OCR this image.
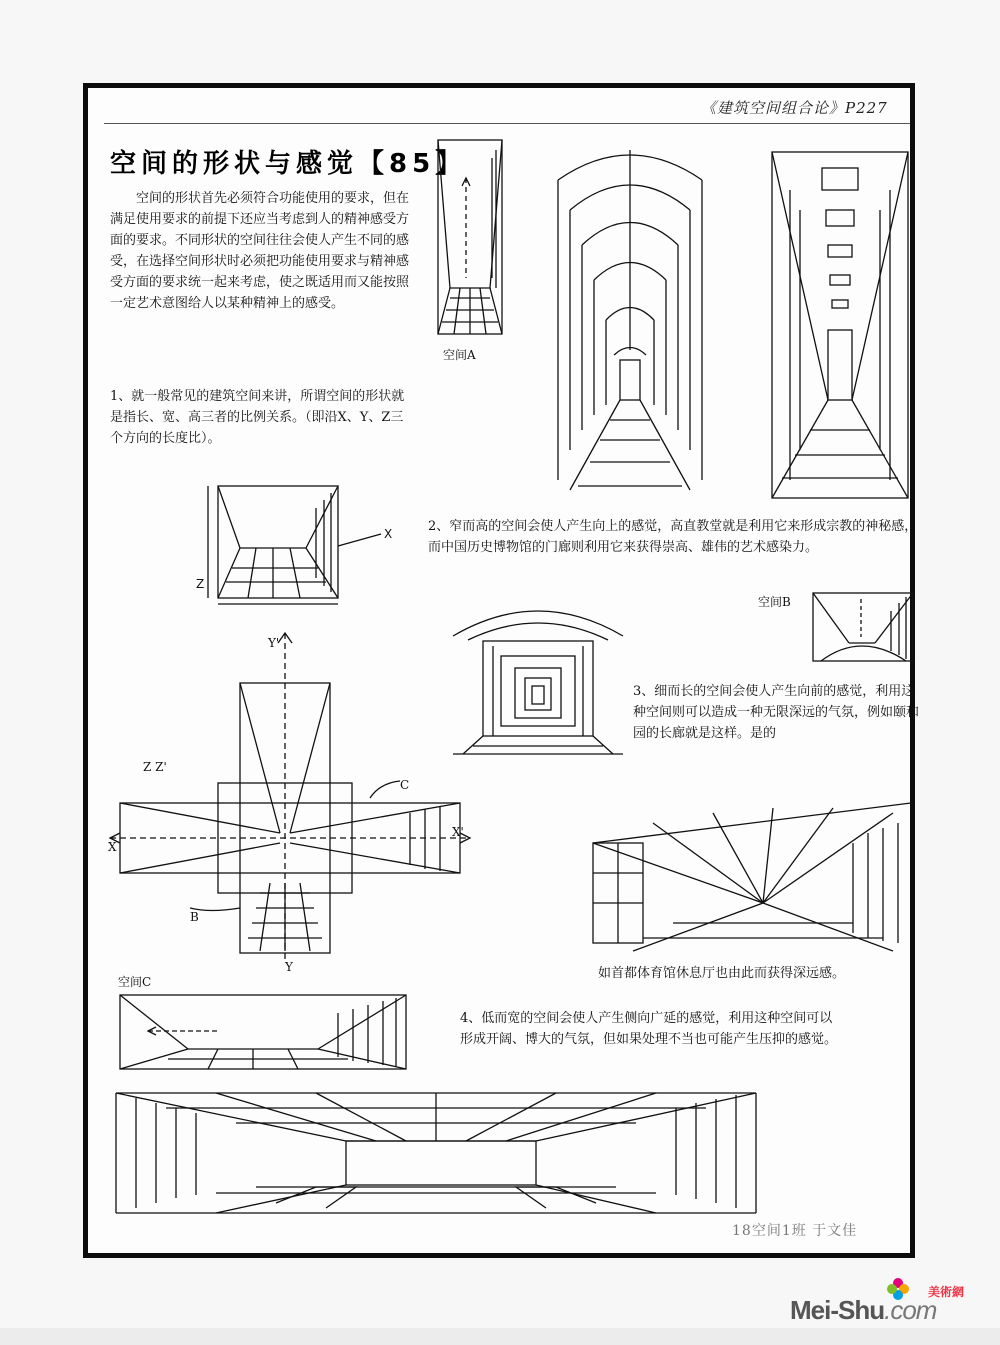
《建筑空间组合论》P227
空间的形状与感觉【85】
空间的形状首先必须符合功能使用的要求，但在满足使用要求的前提下还应当考虑到人的精神感受方面的要求。不同形状的空间往往会使人产生不同的感受，在选择空间形状时必须把功能使用要求与精神感受方面的要求统一起来考虑，使之既适用而又能按照一定艺术意图给人以某种精神上的感受。
1、就一般常见的建筑空间来讲，所谓空间的形状就是指长、宽、高三者的比例关系。（即沿X、Y、Z三个方向的长度比）。
2、窄而高的空间会使人产生向上的感觉，高直教堂就是利用它来形成宗教的神秘感，而中国历史博物馆的门廊则利用它来获得崇高、雄伟的艺术感染力。
3、细而长的空间会使人产生向前的感觉，利用这种空间则可以造成一种无限深远的气氛，例如颐和园的长廊就是这样。是的
4、低而宽的空间会使人产生侧向广延的感觉，利用这种空间可以形成开阔、博大的气氛，但如果处理不当也可能产生压抑的感觉。
空间A
X
Z
Y'
Z Z'
C
X
X'
B
Y
空间B
如首都体育馆休息厅也由此而获得深远感。
空间C
18空间1班 于文佳
Mei-Shu.com
美術網
